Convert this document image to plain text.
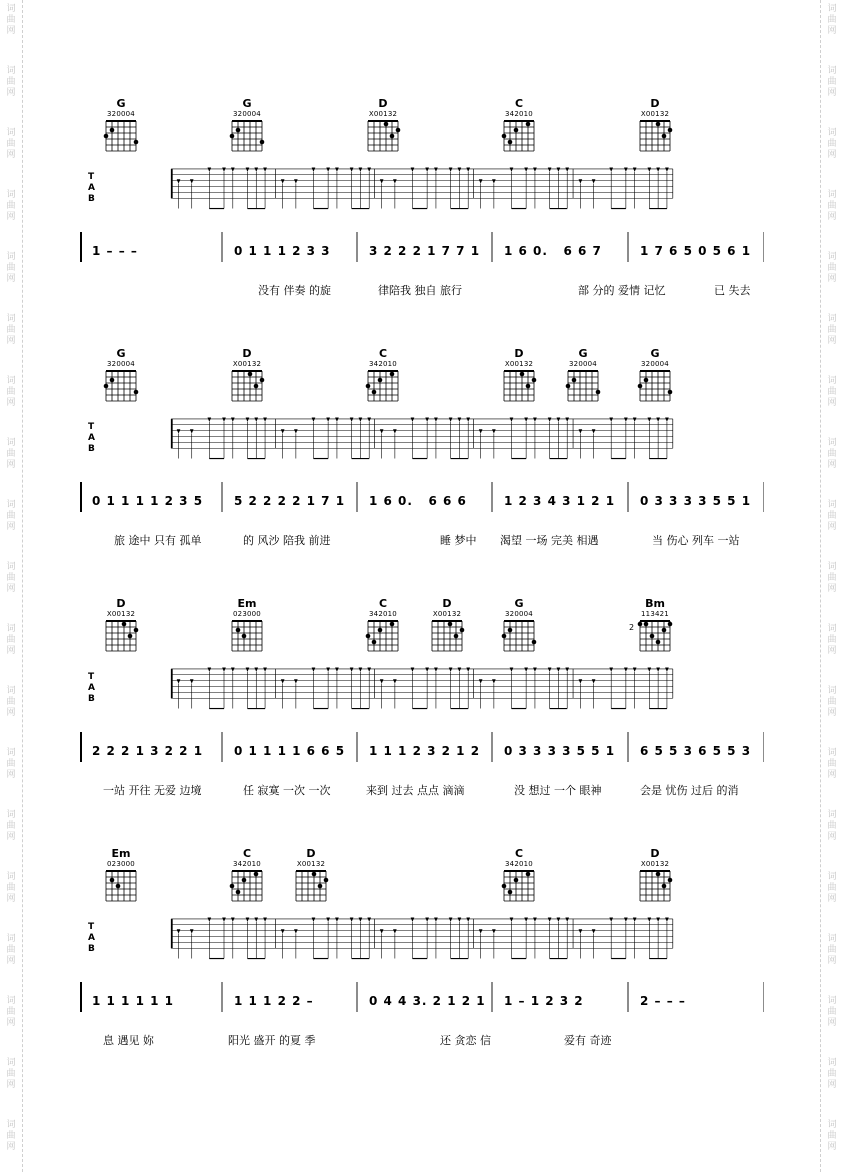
G
320004
G
320004
D
X00132
C
342010
D
X00132
T
A
B
1 – – –	0 1 1 1 2 3 3	3 2 2 2 1 7 7 1	1 6 0.   6 6 7	1 7 6 5 0 5 6 1
没有 伴奏 的旋	律陪我 独自 旅行	部 分的 爱情 记忆	已 失去
G
320004
D
X00132
C
342010
D
X00132
G
320004
G
320004
T
A
B
0 1 1 1 1 2 3 5	5 2 2 2 2 1 7 1	1 6 0.   6 6 6	1 2 3 4 3 1 2 1	0 3 3 3 3 5 5 1
旅 途中 只有 孤单	的 风沙 陪我 前进	睡 梦中 渴望 一场 完美 相遇	当 伤心 列车 一站
D
X00132
Em
023000
C
342010
D
X00132
G
320004
Bm
113421
2
T
A
B
2 2 2 1 3 2 2 1	0 1 1 1 1 6 6 5	1 1 1 2 3 2 1 2	0 3 3 3 3 5 5 1	6 5 5 3 6 5 5 3
一站 开往 无爱 边境	任 寂寞 一次 一次	来到 过去 点点 滴滴	没 想过 一个 眼神	会是 忧伤 过后 的消
Em
023000
C
342010
D
X00132
C
342010
D
X00132
T
A
B
1 1 1 1 1 1	1 1 1 2 2 –	0 4 4 3. 2 1 2 1 1 – 1 2 3 2	2 – – –
息 遇见 妳	阳光 盛开 的夏 季	还 贪恋 信	爱有 奇迹
词
曲
网
词
曲
网
词
曲
网
词
曲
网
词
曲
网
词
曲
网
词
曲
网
词
曲
网
词
曲
网
词
曲
网
词
曲
网
词
曲
网
词
曲
网
词
曲
网
词
曲
网
词
曲
网
词
曲
网
词
曲
网
词
曲
网
词
曲
网
词
曲
网
词
曲
网
词
曲
网
词
曲
网
词
曲
网
词
曲
网
词
曲
网
词
曲
网
词
曲
网
词
曲
网
词
曲
网
词
曲
网
词
曲
网
词
曲
网
词
曲
网
词
曲
网
词
曲
网
词
曲
网
